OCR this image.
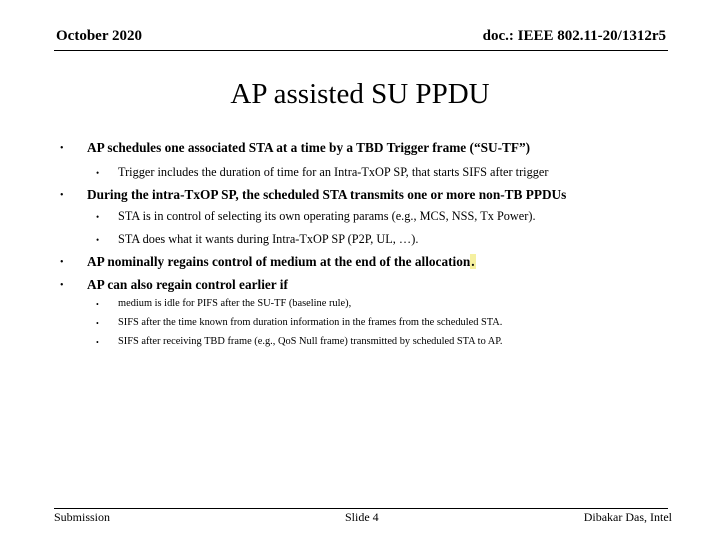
October 2020	doc.: IEEE 802.11-20/1312r5
AP assisted SU PPDU
• AP schedules one associated STA at a time by a TBD Trigger frame (“SU-TF”)
• Trigger includes the duration of time for an Intra-TxOP SP, that starts SIFS after trigger
• During the intra-TxOP SP, the scheduled STA transmits one or more non-TB PPDUs
• STA is in control of selecting its own operating params (e.g., MCS, NSS, Tx Power).
• STA does what it wants during Intra-TxOP SP (P2P, UL, …).
• AP nominally regains control of medium at the end of the allocation.
• AP can also regain control earlier if
• medium is idle for PIFS after the SU-TF (baseline rule),
• SIFS after the time known from duration information in the frames from the scheduled STA.
• SIFS after receiving TBD frame (e.g., QoS Null frame) transmitted by scheduled STA to AP.
Submission	Slide 4	Dibakar Das, Intel
